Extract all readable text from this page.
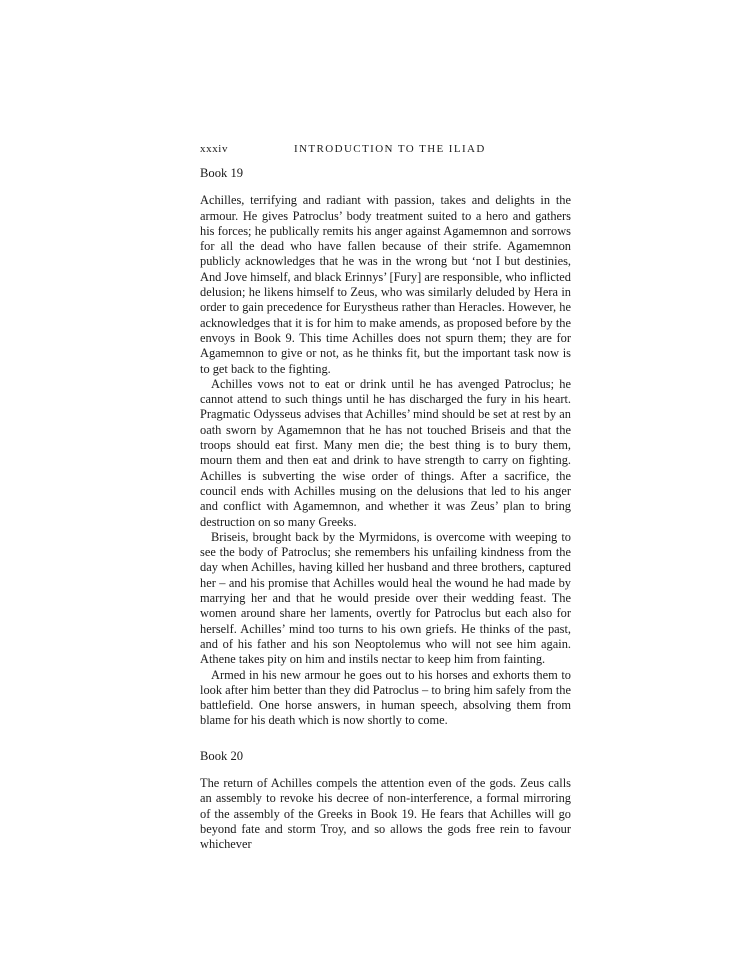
xxxiv	INTRODUCTION TO THE ILIAD
Book 19

Achilles, terrifying and radiant with passion, takes and delights in the armour. He gives Patroclus’ body treatment suited to a hero and gathers his forces; he publically remits his anger against Agamemnon and sorrows for all the dead who have fallen because of their strife. Agamemnon publicly acknowledges that he was in the wrong but ‘not I but destinies, And Jove himself, and black Erinnys’ [Fury] are responsible, who inflicted delusion; he likens himself to Zeus, who was similarly deluded by Hera in order to gain precedence for Eurystheus rather than Heracles. However, he acknowledges that it is for him to make amends, as proposed before by the envoys in Book 9. This time Achilles does not spurn them; they are for Agamemnon to give or not, as he thinks fit, but the important task now is to get back to the fighting.

Achilles vows not to eat or drink until he has avenged Patroclus; he cannot attend to such things until he has discharged the fury in his heart. Pragmatic Odysseus advises that Achilles’ mind should be set at rest by an oath sworn by Agamemnon that he has not touched Briseis and that the troops should eat first. Many men die; the best thing is to bury them, mourn them and then eat and drink to have strength to carry on fighting. Achilles is subverting the wise order of things. After a sacrifice, the council ends with Achilles musing on the delusions that led to his anger and conflict with Agamemnon, and whether it was Zeus’ plan to bring destruction on so many Greeks.

Briseis, brought back by the Myrmidons, is overcome with weeping to see the body of Patroclus; she remembers his unfailing kindness from the day when Achilles, having killed her husband and three brothers, captured her – and his promise that Achilles would heal the wound he had made by marrying her and that he would preside over their wedding feast. The women around share her laments, overtly for Patroclus but each also for herself. Achilles’ mind too turns to his own griefs. He thinks of the past, and of his father and his son Neoptolemus who will not see him again. Athene takes pity on him and instils nectar to keep him from fainting.

Armed in his new armour he goes out to his horses and exhorts them to look after him better than they did Patroclus – to bring him safely from the battlefield. One horse answers, in human speech, absolving them from blame for his death which is now shortly to come.

Book 20

The return of Achilles compels the attention even of the gods. Zeus calls an assembly to revoke his decree of non-interference, a formal mirroring of the assembly of the Greeks in Book 19. He fears that Achilles will go beyond fate and storm Troy, and so allows the gods free rein to favour whichever
